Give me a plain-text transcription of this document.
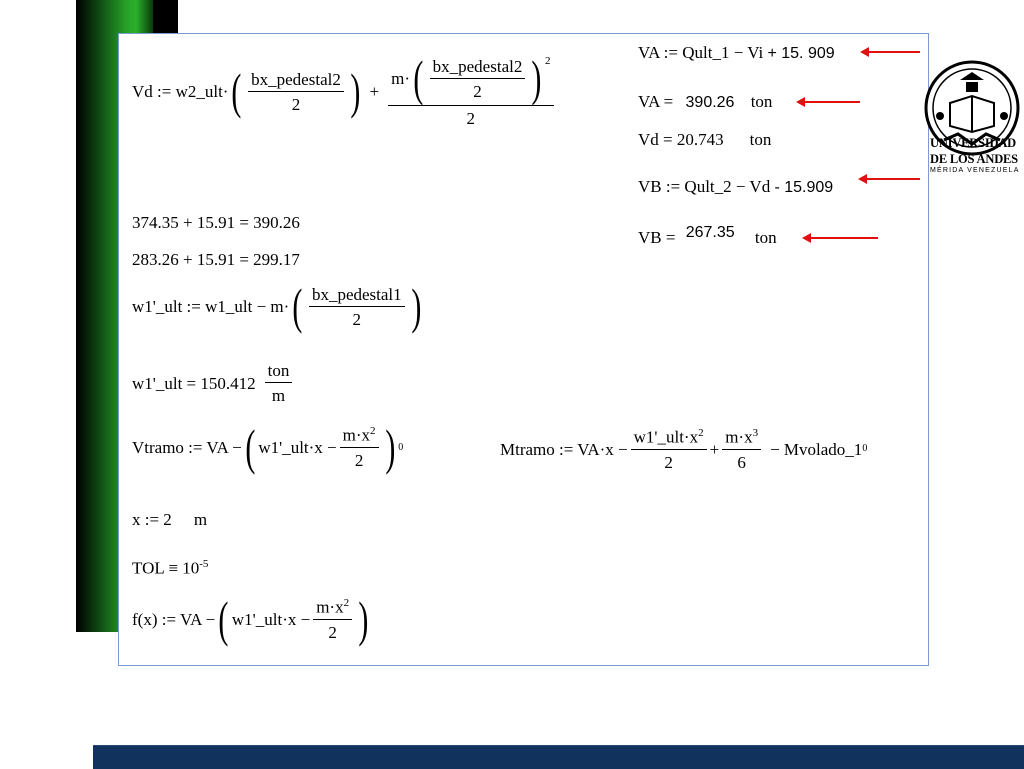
Vd := w2_ult· ( $\frac{\text{bx\_pedestal2}}{2}$ ) + $\frac{m\cdot ( \frac{\text{bx\_pedestal2}}{2} ) 2}{2}$
374.35 + 15.91 = 390.26
283.26 + 15.91 = 299.17
w1'_ult := w1_ult − m· ( $\frac{\text{bx\_pedestal1}}{2}$ )
w1'_ult = $150.412 \frac{\text{ton}}{m}$
Vtramo := VA − ( w1'_ult·x − $\frac{m\cdot x^2}{2}$ ) 0	Mtramo := $VA\cdot x - \frac{w1'\_ult\cdot x^2}{2} + \frac{m\cdot x^3}{6}$ − Mvolado_1 0
x := 2 m
TOL ≡ $10^{-5}$
f(x) := VA − ( w1'_ult·x − $\frac{m\cdot x^2}{2}$ )
VA := Qult_1 − Vi + 15. 909
VA = 390.26 ton
Vd = 20.743 ton
VB := Qult_2 − Vd - 15.909
VB = 267.35 ton
UNIVERSIDAD
DE LOS ANDES
MÉRIDA VENEZUELA
